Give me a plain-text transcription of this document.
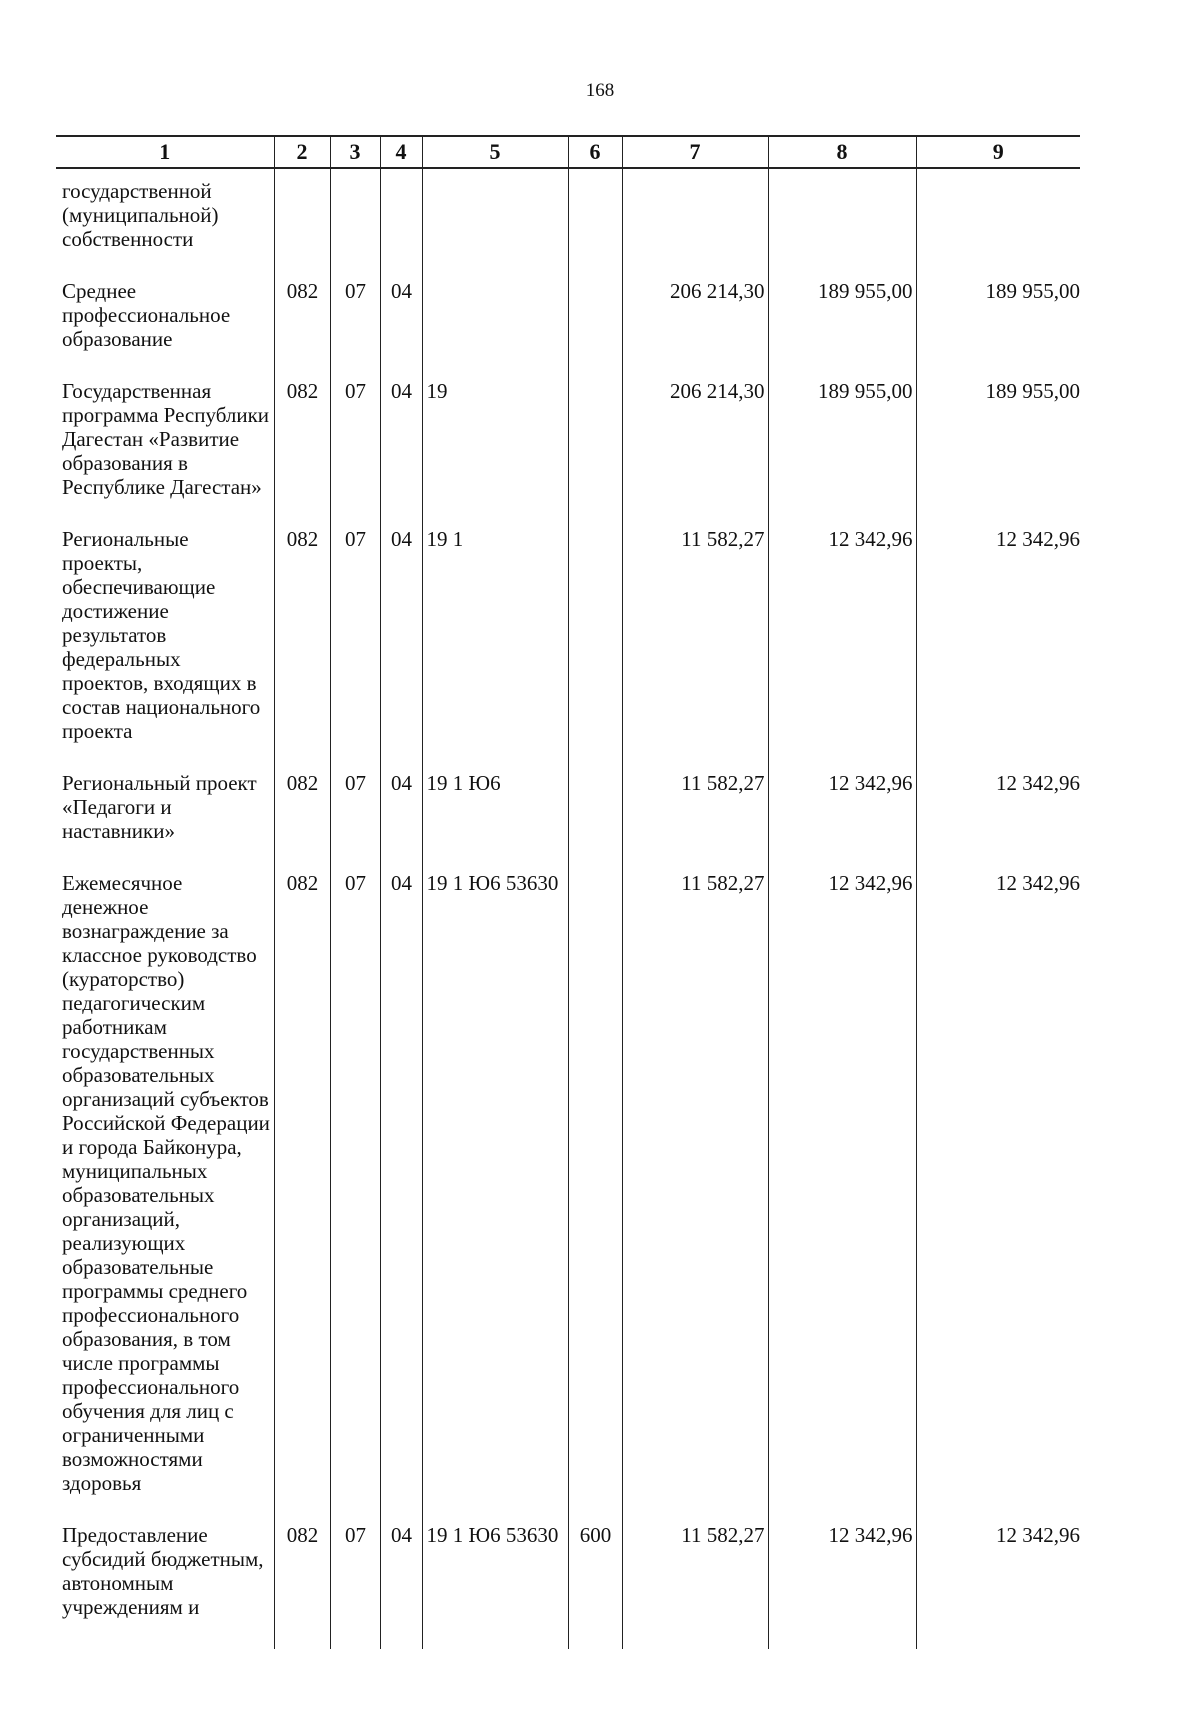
168
1	2	3	4	5	6	7	8	9
государственной (муниципальной) собственности								
Среднее профессиональное образование	082	07	04			206 214,30	189 955,00	189 955,00
Государственная программа Республики Дагестан «Развитие образования в Республике Дагестан»	082	07	04	19		206 214,30	189 955,00	189 955,00
Региональные проекты, обеспечивающие достижение результатов федеральных проектов, входящих в состав национального проекта	082	07	04	19 1		11 582,27	12 342,96	12 342,96
Региональный проект «Педагоги и наставники»	082	07	04	19 1 Ю6		11 582,27	12 342,96	12 342,96
Ежемесячное денежное вознаграждение за классное руководство (кураторство) педагогическим работникам государственных образовательных организаций субъектов Российской Федерации и города Байконура, муниципальных образовательных организаций, реализующих образовательные программы среднего профессионального образования, в том числе программы профессионального обучения для лиц с ограниченными возможностями здоровья	082	07	04	19 1 Ю6 53630		11 582,27	12 342,96	12 342,96
Предоставление субсидий бюджетным, автономным учреждениям и	082	07	04	19 1 Ю6 53630	600	11 582,27	12 342,96	12 342,96
